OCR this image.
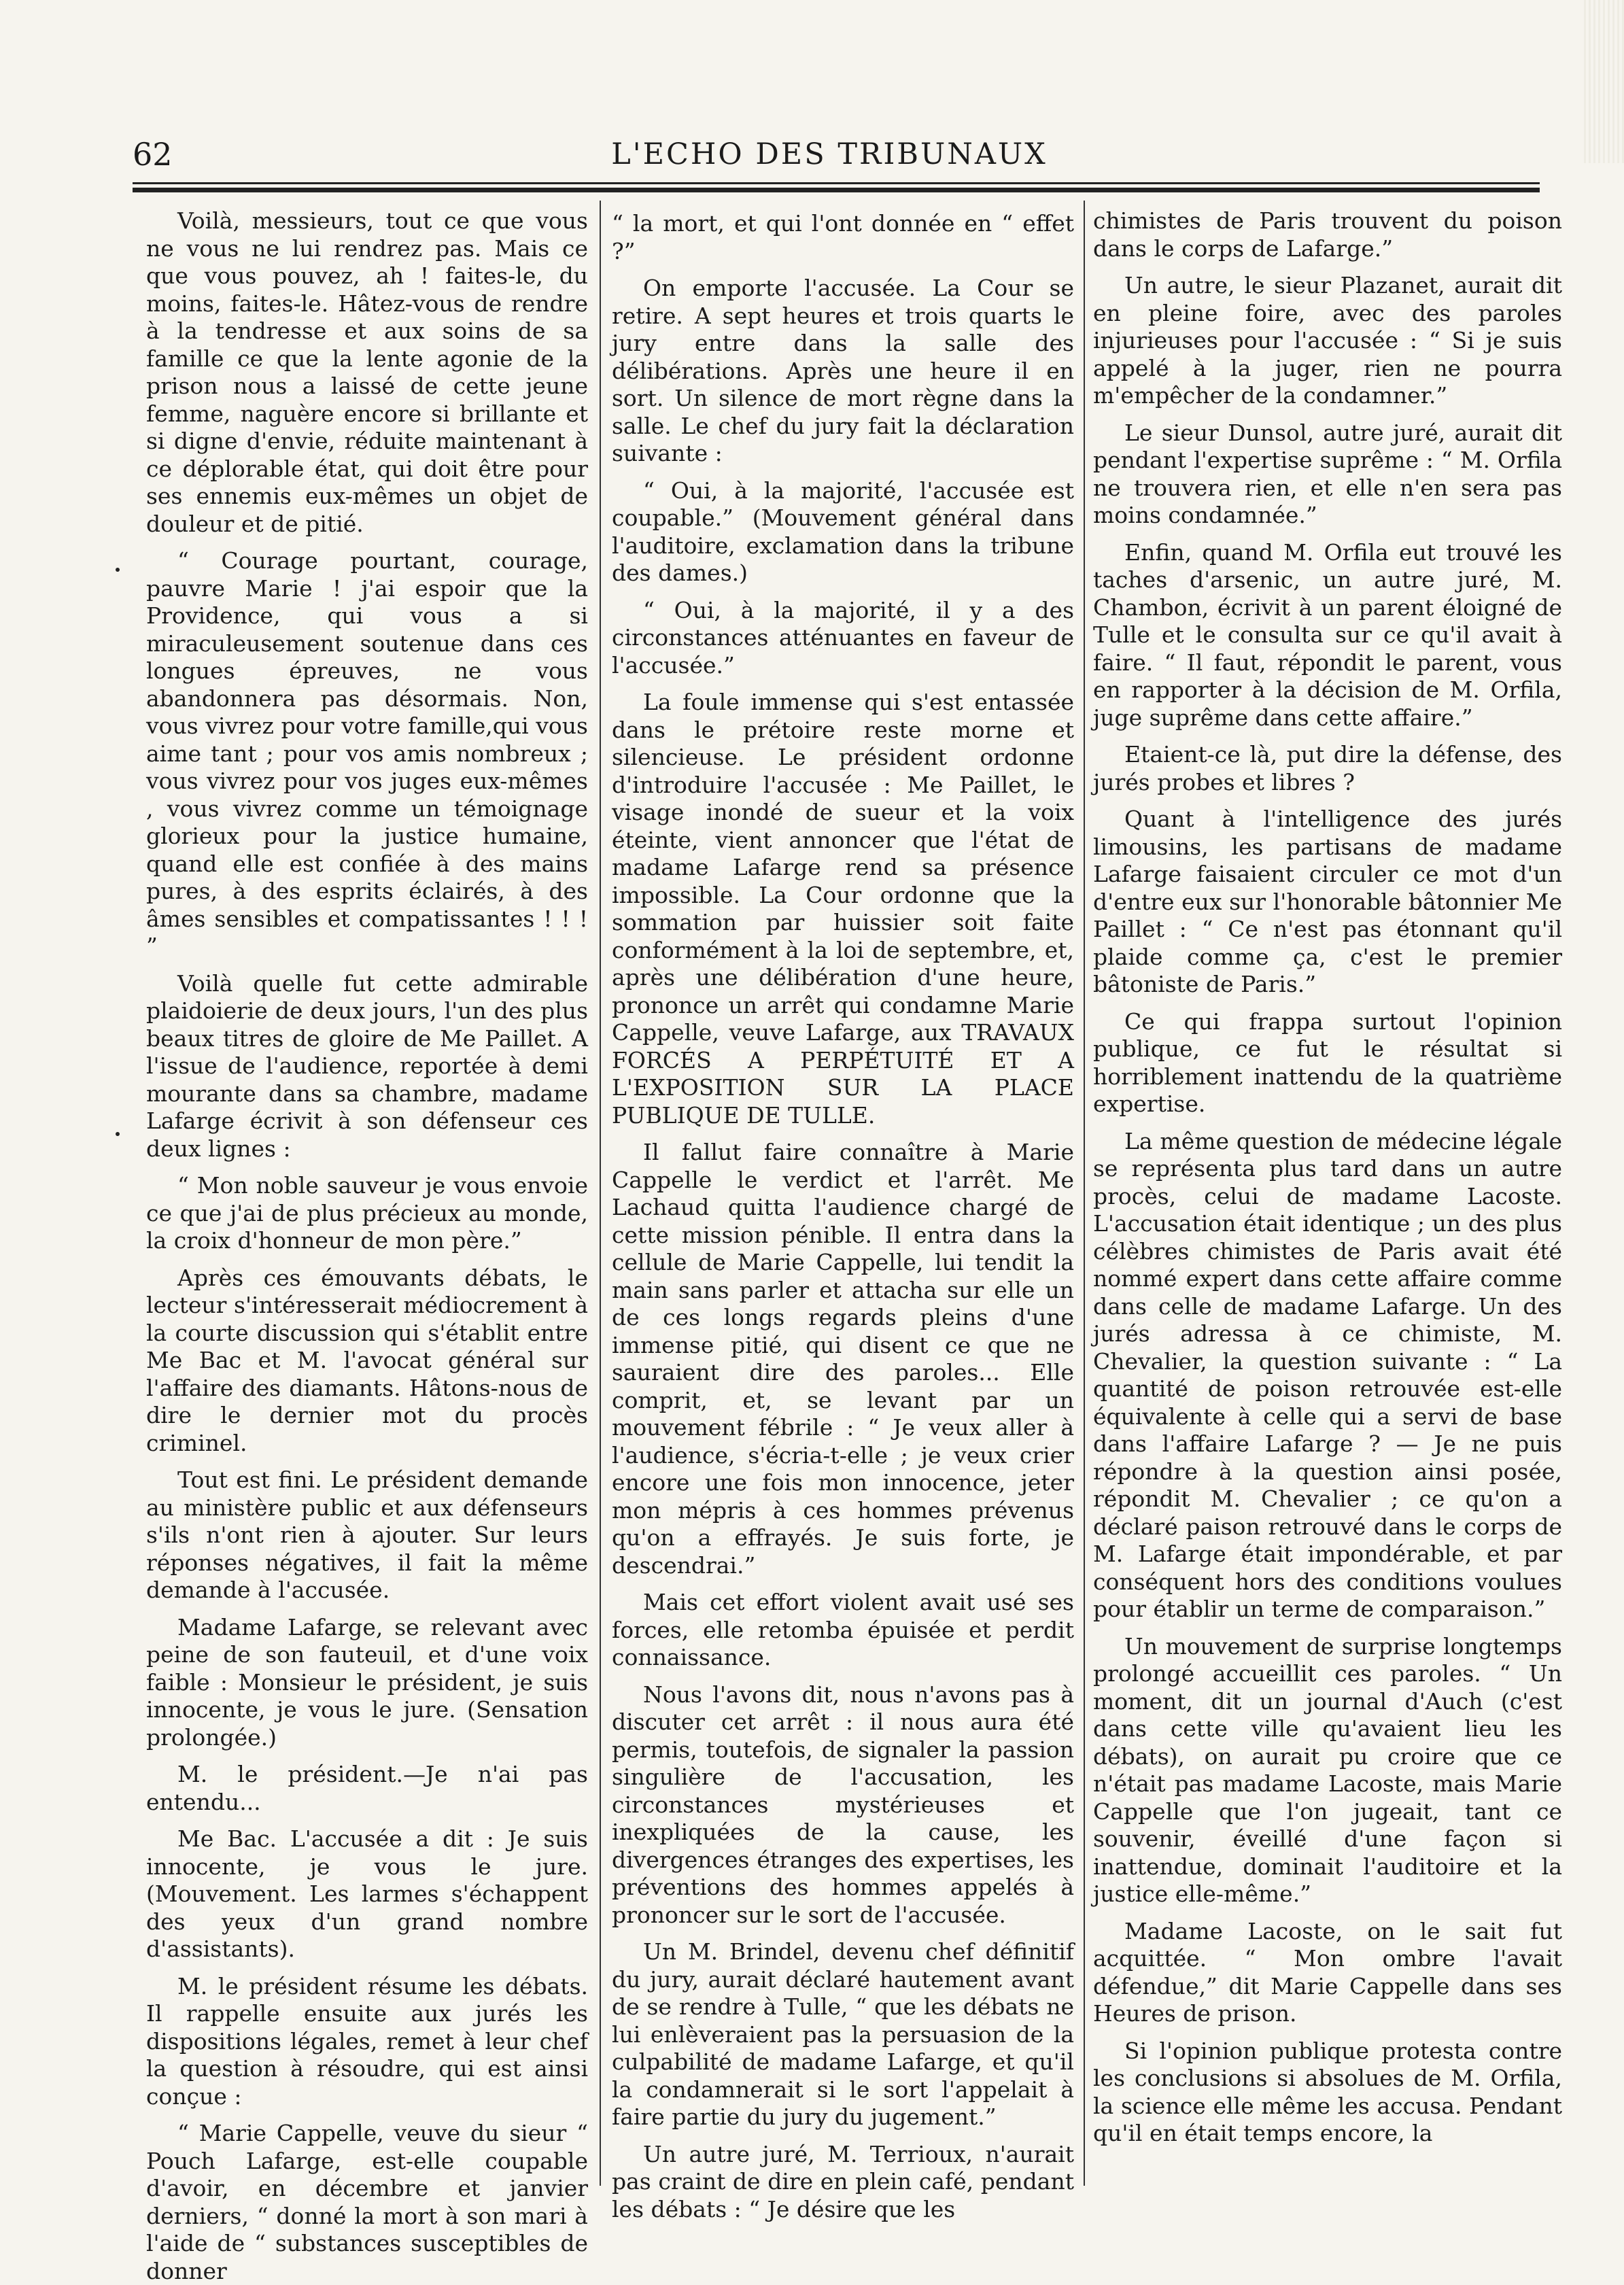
62	L'ECHO DES TRIBUNAUX

Voilà, messieurs, tout ce que vous ne vous ne lui rendrez pas. Mais ce que vous pouvez, ah ! faites-le, du moins, faites-le. Hâtez-vous de rendre à la tendresse et aux soins de sa famille ce que la lente agonie de la prison nous a laissé de cette jeune femme, naguère encore si brillante et si digne d'envie, réduite maintenant à ce déplorable état, qui doit être pour ses ennemis eux-mêmes un objet de douleur et de pitié.

“ Courage pourtant, courage, pauvre Marie ! j'ai espoir que la Providence, qui vous a si miraculeusement soutenue dans ces longues épreuves, ne vous abandonnera pas désormais. Non, vous vivrez pour votre famille,qui vous aime tant ; pour vos amis nombreux ; vous vivrez pour vos juges eux-mêmes , vous vivrez comme un témoignage glorieux pour la justice humaine, quand elle est confiée à des mains pures, à des esprits éclairés, à des âmes sensibles et compatissantes ! ! ! ”

Voilà quelle fut cette admirable plaidoierie de deux jours, l'un des plus beaux titres de gloire de Me Paillet. A l'issue de l'audience, reportée à demi mourante dans sa chambre, madame Lafarge écrivit à son défenseur ces deux lignes :

“ Mon noble sauveur je vous envoie ce que j'ai de plus précieux au monde, la croix d'honneur de mon père.”

Après ces émouvants débats, le lecteur s'intéresserait médiocrement à la courte discussion qui s'établit entre Me Bac et M. l'avocat général sur l'affaire des diamants. Hâtons-nous de dire le dernier mot du procès criminel.

Tout est fini. Le président demande au ministère public et aux défenseurs s'ils n'ont rien à ajouter. Sur leurs réponses négatives, il fait la même demande à l'accusée.

Madame Lafarge, se relevant avec peine de son fauteuil, et d'une voix faible : Monsieur le président, je suis innocente, je vous le jure. (Sensation prolongée.)

M. le président.—Je n'ai pas entendu...

Me Bac. L'accusée a dit : Je suis innocente, je vous le jure. (Mouvement. Les larmes s'échappent des yeux d'un grand nombre d'assistants).

M. le président résume les débats. Il rappelle ensuite aux jurés les dispositions légales, remet à leur chef la question à résoudre, qui est ainsi conçue :

“ Marie Cappelle, veuve du sieur “ Pouch Lafarge, est-elle coupable d'avoir, en décembre et janvier derniers, “ donné la mort à son mari à l'aide de “ substances susceptibles de donner

“ la mort, et qui l'ont donnée en “ effet ?”

On emporte l'accusée. La Cour se retire. A sept heures et trois quarts le jury entre dans la salle des délibérations. Après une heure il en sort. Un silence de mort règne dans la salle. Le chef du jury fait la déclaration suivante :

“ Oui, à la majorité, l'accusée est coupable.” (Mouvement général dans l'auditoire, exclamation dans la tribune des dames.)

“ Oui, à la majorité, il y a des circonstances atténuantes en faveur de l'accusée.”

La foule immense qui s'est entassée dans le prétoire reste morne et silencieuse. Le président ordonne d'introduire l'accusée : Me Paillet, le visage inondé de sueur et la voix éteinte, vient annoncer que l'état de madame Lafarge rend sa présence impossible. La Cour ordonne que la sommation par huissier soit faite conformément à la loi de septembre, et, après une délibération d'une heure, prononce un arrêt qui condamne Marie Cappelle, veuve Lafarge, aux TRAVAUX FORCÉS A PERPÉTUITÉ ET A L'EXPOSITION SUR LA PLACE PUBLIQUE DE TULLE.

Il fallut faire connaître à Marie Cappelle le verdict et l'arrêt. Me Lachaud quitta l'audience chargé de cette mission pénible. Il entra dans la cellule de Marie Cappelle, lui tendit la main sans parler et attacha sur elle un de ces longs regards pleins d'une immense pitié, qui disent ce que ne sauraient dire des paroles... Elle comprit, et, se levant par un mouvement fébrile : “ Je veux aller à l'audience, s'écria-t-elle ; je veux crier encore une fois mon innocence, jeter mon mépris à ces hommes prévenus qu'on a effrayés. Je suis forte, je descendrai.”

Mais cet effort violent avait usé ses forces, elle retomba épuisée et perdit connaissance.

Nous l'avons dit, nous n'avons pas à discuter cet arrêt : il nous aura été permis, toutefois, de signaler la passion singulière de l'accusation, les circonstances mystérieuses et inexpliquées de la cause, les divergences étranges des expertises, les préventions des hommes appelés à prononcer sur le sort de l'accusée.

Un M. Brindel, devenu chef définitif du jury, aurait déclaré hautement avant de se rendre à Tulle, “ que les débats ne lui enlèveraient pas la persuasion de la culpabilité de madame Lafarge, et qu'il la condamnerait si le sort l'appelait à faire partie du jury du jugement.”

Un autre juré, M. Terrioux, n'aurait pas craint de dire en plein café, pendant les débats : “ Je désire que les

chimistes de Paris trouvent du poison dans le corps de Lafarge.”

Un autre, le sieur Plazanet, aurait dit en pleine foire, avec des paroles injurieuses pour l'accusée : “ Si je suis appelé à la juger, rien ne pourra m'empêcher de la condamner.”

Le sieur Dunsol, autre juré, aurait dit pendant l'expertise suprême : “ M. Orfila ne trouvera rien, et elle n'en sera pas moins condamnée.”

Enfin, quand M. Orfila eut trouvé les taches d'arsenic, un autre juré, M. Chambon, écrivit à un parent éloigné de Tulle et le consulta sur ce qu'il avait à faire. “ Il faut, répondit le parent, vous en rapporter à la décision de M. Orfila, juge suprême dans cette affaire.”

Etaient-ce là, put dire la défense, des jurés probes et libres ?

Quant à l'intelligence des jurés limousins, les partisans de madame Lafarge faisaient circuler ce mot d'un d'entre eux sur l'honorable bâtonnier Me Paillet : “ Ce n'est pas étonnant qu'il plaide comme ça, c'est le premier bâtoniste de Paris.”

Ce qui frappa surtout l'opinion publique, ce fut le résultat si horriblement inattendu de la quatrième expertise.

La même question de médecine légale se représenta plus tard dans un autre procès, celui de madame Lacoste. L'accusation était identique ; un des plus célèbres chimistes de Paris avait été nommé expert dans cette affaire comme dans celle de madame Lafarge. Un des jurés adressa à ce chimiste, M. Chevalier, la question suivante : “ La quantité de poison retrouvée est-elle équivalente à celle qui a servi de base dans l'affaire Lafarge ? — Je ne puis répondre à la question ainsi posée, répondit M. Chevalier ; ce qu'on a déclaré paison retrouvé dans le corps de M. Lafarge était impondérable, et par conséquent hors des conditions voulues pour établir un terme de comparaison.”

Un mouvement de surprise longtemps prolongé accueillit ces paroles. “ Un moment, dit un journal d'Auch (c'est dans cette ville qu'avaient lieu les débats), on aurait pu croire que ce n'était pas madame Lacoste, mais Marie Cappelle que l'on jugeait, tant ce souvenir, éveillé d'une façon si inattendue, dominait l'auditoire et la justice elle-même.”

Madame Lacoste, on le sait fut acquittée. “ Mon ombre l'avait défendue,” dit Marie Cappelle dans ses Heures de prison.

Si l'opinion publique protesta contre les conclusions si absolues de M. Orfila, la science elle même les accusa. Pendant qu'il en était temps encore, la
